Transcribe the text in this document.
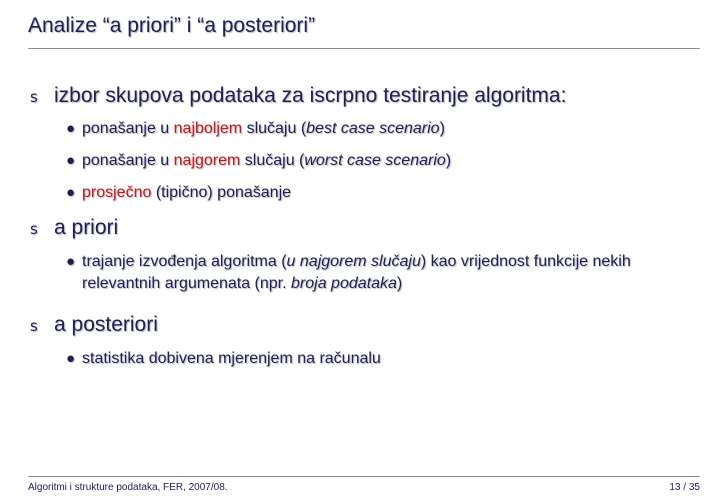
Analize “a priori” i “a posteriori”
s izbor skupova podataka za iscrpno testiranje algoritma:
● ponašanje u najboljem slučaju (best case scenario)
● ponašanje u najgorem slučaju (worst case scenario)
● prosječno (tipično) ponašanje
s a priori
● trajanje izvođenja algoritma (u najgorem slučaju) kao vrijednost funkcije nekih relevantnih argumenata (npr. broja podataka)
s a posteriori
● statistika dobivena mjerenjem na računalu
Algoritmi i strukture podataka, FER, 2007/08.	13 / 35
